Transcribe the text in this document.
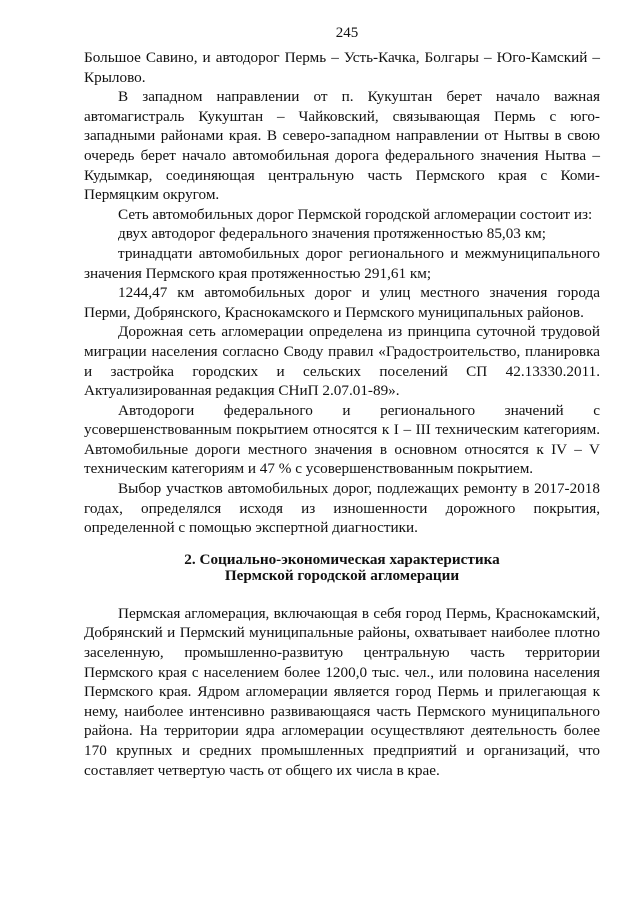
245

Большое Савино, и автодорог Пермь – Усть-Качка, Болгары – Юго-Камский – Крылово.

В западном направлении от п. Кукуштан берет начало важная автомагистраль Кукуштан – Чайковский, связывающая Пермь с юго-западными районами края. В северо-западном направлении от Нытвы в свою очередь берет начало автомобильная дорога федерального значения Нытва – Кудымкар, соединяющая центральную часть Пермского края с Коми-Пермяцким округом.

Сеть автомобильных дорог Пермской городской агломерации состоит из:

двух автодорог федерального значения протяженностью 85,03 км;

тринадцати автомобильных дорог регионального и межмуниципального значения Пермского края протяженностью 291,61 км;

1244,47 км автомобильных дорог и улиц местного значения города Перми, Добрянского, Краснокамского и Пермского муниципальных районов.

Дорожная сеть агломерации определена из принципа суточной трудовой миграции населения согласно Своду правил «Градостроительство, планировка и застройка городских и сельских поселений СП 42.13330.2011. Актуализированная редакция СНиП 2.07.01-89».

Автодороги федерального и регионального значений с усовершенствованным покрытием относятся к I – III техническим категориям. Автомобильные дороги местного значения в основном относятся к IV – V техническим категориям и 47 % с усовершенствованным покрытием.

Выбор участков автомобильных дорог, подлежащих ремонту в 2017-2018 годах, определялся исходя из изношенности дорожного покрытия, определенной с помощью экспертной диагностики.

2. Социально-экономическая характеристика
Пермской городской агломерации

Пермская агломерация, включающая в себя город Пермь, Краснокамский, Добрянский и Пермский муниципальные районы, охватывает наиболее плотно заселенную, промышленно-развитую центральную часть территории Пермского края с населением более 1200,0 тыс. чел., или половина населения Пермского края. Ядром агломерации является город Пермь и прилегающая к нему, наиболее интенсивно развивающаяся часть Пермского муниципального района. На территории ядра агломерации осуществляют деятельность более 170 крупных и средних промышленных предприятий и организаций, что составляет четвертую часть от общего их числа в крае.
